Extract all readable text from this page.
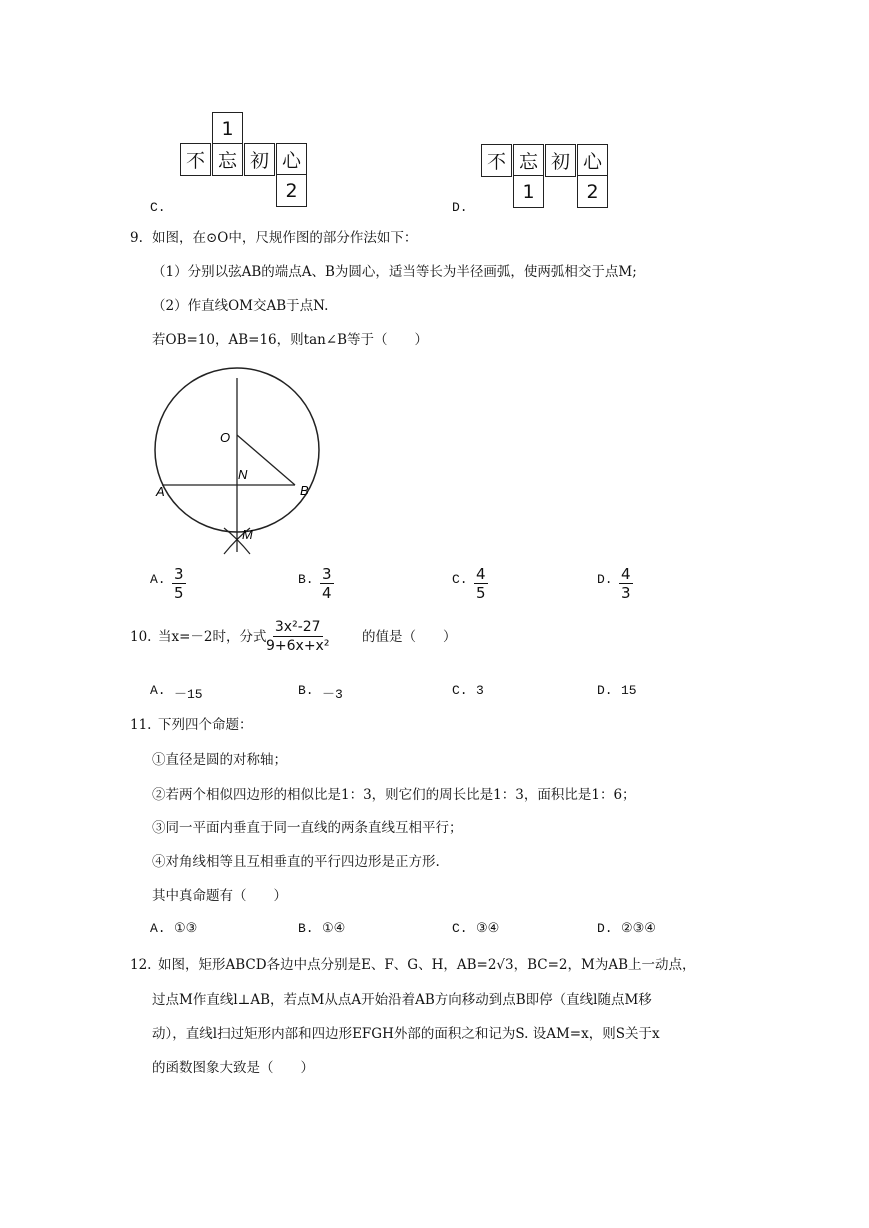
1
不 忘 初 心
2
C.
不 忘 初 心
1	2
D.
9. 如图，在⊙O中，尺规作图的部分作法如下：
（1）分别以弦AB的端点A、B为圆心，适当等长为半径画弧，使两弧相交于点M;
（2）作直线OM交AB于点N.
若OB=10，AB=16，则tan∠B等于（　　）
O
N
A	B
M
A. $\frac{3}{5}$	B. $\frac{3}{4}$	C. $\frac{4}{5}$	D. $\frac{4}{3}$
10. 当x=－2时，分式
$\frac{\text{3x²-27}}{\text{9+6x+x²}}$ 的值是（　　）
A. －15	B. －3	C. 3	D. 15
11. 下列四个命题：
①直径是圆的对称轴；
②若两个相似四边形的相似比是1：3，则它们的周长比是1：3，面积比是1：6；
③同一平面内垂直于同一直线的两条直线互相平行；
④对角线相等且互相垂直的平行四边形是正方形.
其中真命题有（　　）
A. ①③	B. ①④	C. ③④	D. ②③④
12. 如图，矩形ABCD各边中点分别是E、F、G、H，AB=2√3，BC=2，M为AB上一动点，
过点M作直线l⊥AB，若点M从点A开始沿着AB方向移动到点B即停（直线l随点M移
动），直线l扫过矩形内部和四边形EFGH外部的面积之和记为S. 设AM=x，则S关于x
的函数图象大致是（　　）
